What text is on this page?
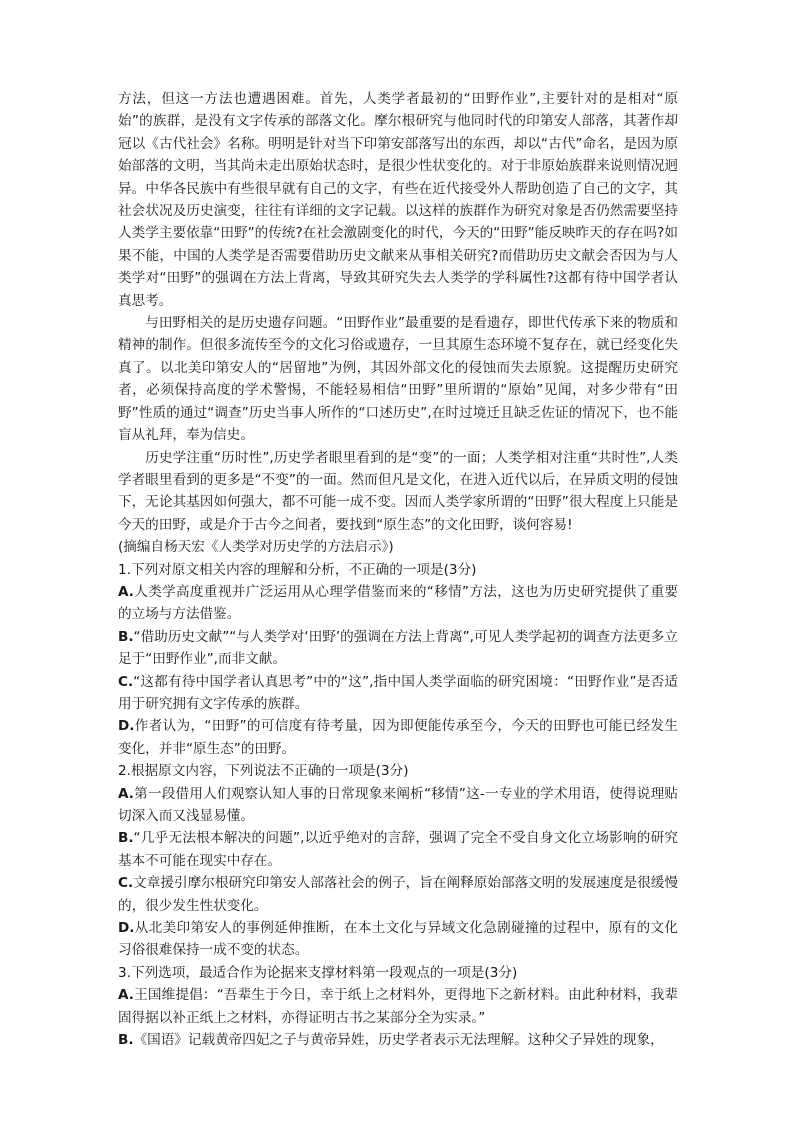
方法，但这一方法也遭遇困难。首先，人类学者最初的“田野作业”,主要针对的是相对“原始”的族群，是没有文字传承的部落文化。摩尔根研究与他同时代的印第安人部落，其著作却冠以《古代社会》名称。明明是针对当下印第安部落写出的东西，却以“古代”命名，是因为原始部落的文明，当其尚未走出原始状态时，是很少性状变化的。对于非原始族群来说则情况迥异。中华各民族中有些很早就有自己的文字，有些在近代接受外人帮助创造了自己的文字，其社会状况及历史演变，往往有详细的文字记载。以这样的族群作为研究对象是否仍然需要坚持人类学主要依靠“田野”的传统?在社会激剧变化的时代，今天的“田野”能反映昨天的存在吗?如果不能，中国的人类学是否需要借助历史文献来从事相关研究?而借助历史文献会否因为与人类学对“田野”的强调在方法上背离，导致其研究失去人类学的学科属性?这都有待中国学者认真思考。

与田野相关的是历史遗存问题。“田野作业”最重要的是看遗存，即世代传承下来的物质和精神的制作。但很多流传至今的文化习俗或遗存，一旦其原生态环境不复存在，就已经变化失真了。以北美印第安人的“居留地”为例，其因外部文化的侵蚀而失去原貌。这提醒历史研究者，必须保持高度的学术警惕，不能轻易相信“田野”里所谓的“原始”见闻，对多少带有“田野”性质的通过“调查”历史当事人所作的“口述历史”,在时过境迁且缺乏佐证的情况下，也不能盲从礼拜，奉为信史。

历史学注重“历时性”,历史学者眼里看到的是“变”的一面；人类学相对注重“共时性”,人类学者眼里看到的更多是“不变”的一面。然而但凡是文化，在进入近代以后，在异质文明的侵蚀下，无论其基因如何强大，都不可能一成不变。因而人类学家所谓的“田野”很大程度上只能是今天的田野，或是介于古今之间者，要找到“原生态”的文化田野，谈何容易!

(摘编自杨天宏《人类学对历史学的方法启示》)

1.下列对原文相关内容的理解和分析，不正确的一项是(3分)

A.人类学高度重视并广泛运用从心理学借鉴而来的“移情”方法，这也为历史研究提供了重要的立场与方法借鉴。

B.“借助历史文献”“与人类学对‘田野’的强调在方法上背离”,可见人类学起初的调查方法更多立足于“田野作业”,而非文献。

C.“这都有待中国学者认真思考”中的“这”,指中国人类学面临的研究困境：“田野作业”是否适用于研究拥有文字传承的族群。

D.作者认为，“田野”的可信度有待考量，因为即便能传承至今，今天的田野也可能已经发生变化，并非“原生态”的田野。

2.根据原文内容，下列说法不正确的一项是(3分)

A.第一段借用人们观察认知人事的日常现象来阐析“移情”这-一专业的学术用语，使得说理贴切深入而又浅显易懂。

B.“几乎无法根本解决的问题”,以近乎绝对的言辞，强调了完全不受自身文化立场影响的研究基本不可能在现实中存在。

C.文章援引摩尔根研究印第安人部落社会的例子，旨在阐释原始部落文明的发展速度是很缓慢的，很少发生性状变化。

D.从北美印第安人的事例延伸推断，在本土文化与异域文化急剧碰撞的过程中，原有的文化习俗很难保持一成不变的状态。

3.下列选项，最适合作为论据来支撑材料第一段观点的一项是(3分)

A.王国维提倡：“吾辈生于今日，幸于纸上之材料外，更得地下之新材料。由此种材料，我辈固得据以补正纸上之材料，亦得证明古书之某部分全为实录。”

B.《国语》记载黄帝四妃之子与黄帝异姓，历史学者表示无法理解。这种父子异姓的现象，
